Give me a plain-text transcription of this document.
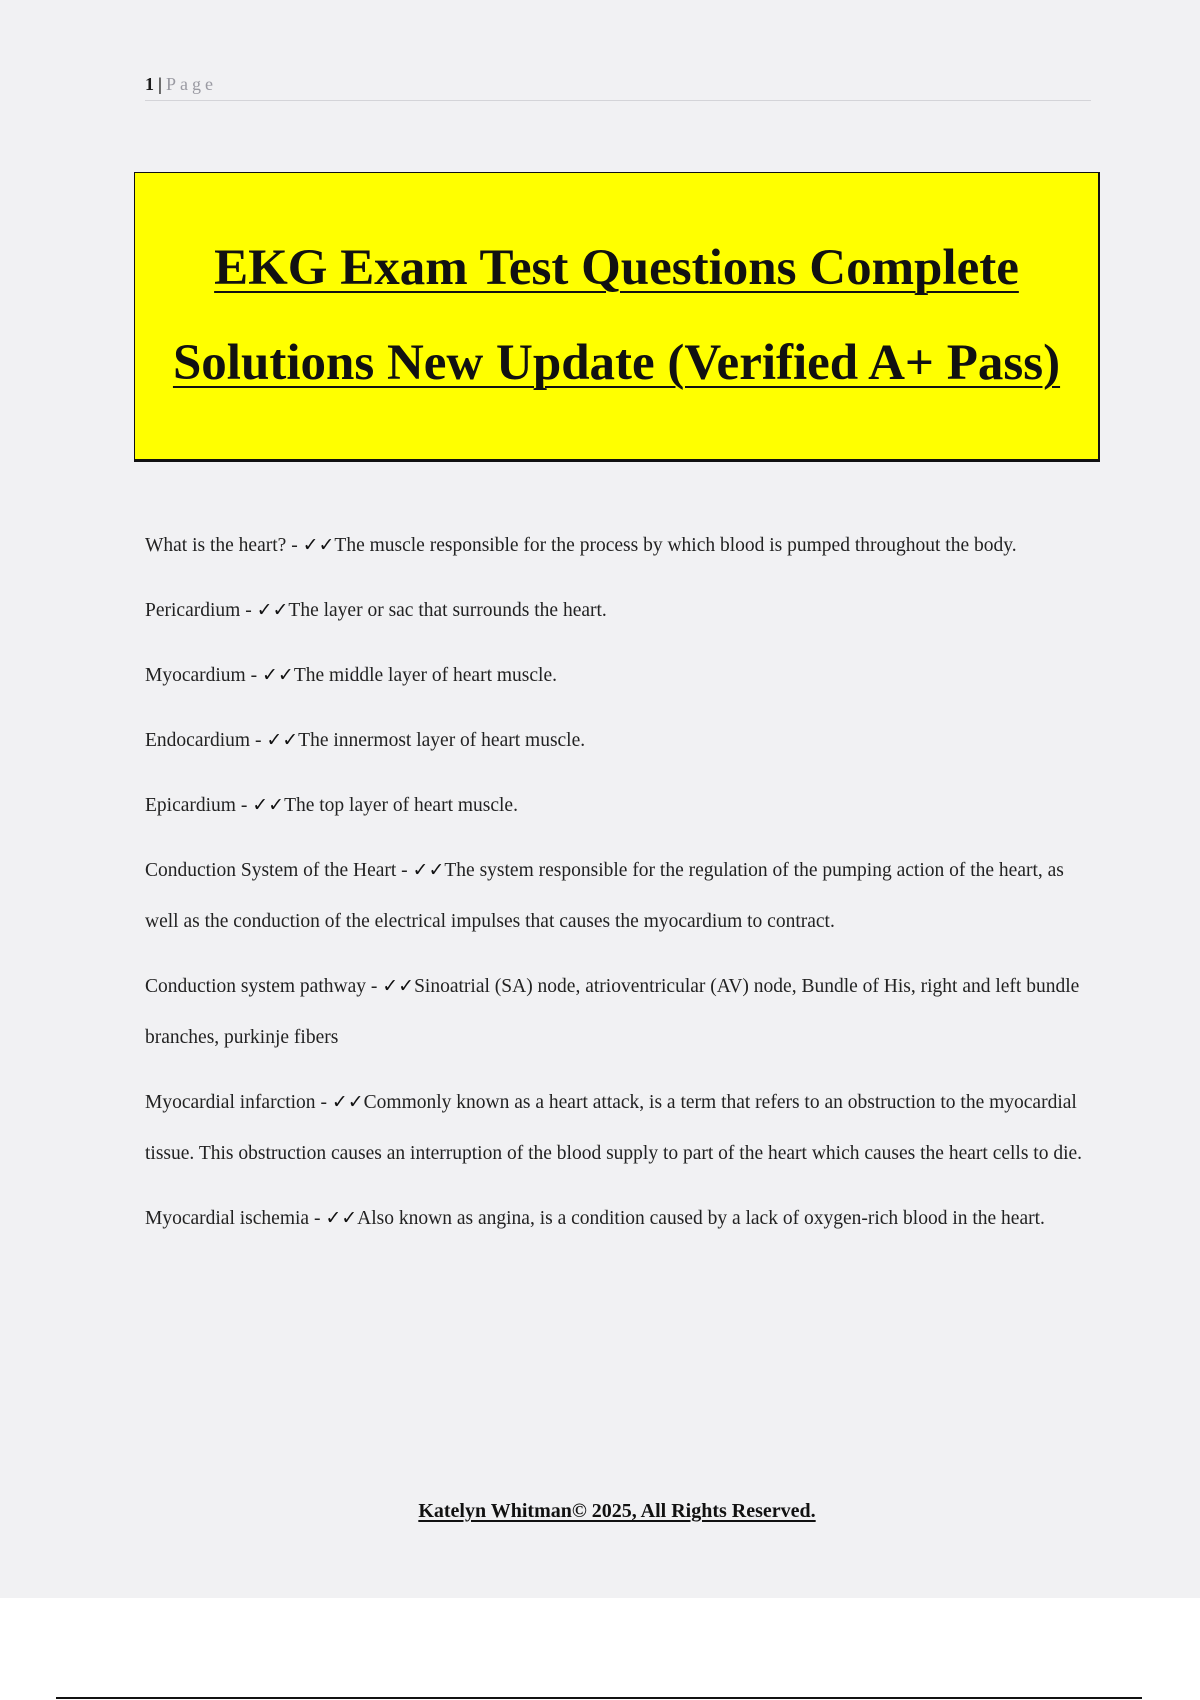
1 | Page
EKG Exam Test Questions Complete Solutions New Update (Verified A+ Pass)

What is the heart? - ✓✓The muscle responsible for the process by which blood is pumped throughout the body.

Pericardium - ✓✓The layer or sac that surrounds the heart.

Myocardium - ✓✓The middle layer of heart muscle.

Endocardium - ✓✓The innermost layer of heart muscle.

Epicardium - ✓✓The top layer of heart muscle.

Conduction System of the Heart - ✓✓The system responsible for the regulation of the pumping action of the heart, as well as the conduction of the electrical impulses that causes the myocardium to contract.

Conduction system pathway - ✓✓Sinoatrial (SA) node, atrioventricular (AV) node, Bundle of His, right and left bundle branches, purkinje fibers

Myocardial infarction - ✓✓Commonly known as a heart attack, is a term that refers to an obstruction to the myocardial tissue. This obstruction causes an interruption of the blood supply to part of the heart which causes the heart cells to die.

Myocardial ischemia - ✓✓Also known as angina, is a condition caused by a lack of oxygen-rich blood in the heart.

Katelyn Whitman© 2025, All Rights Reserved.
